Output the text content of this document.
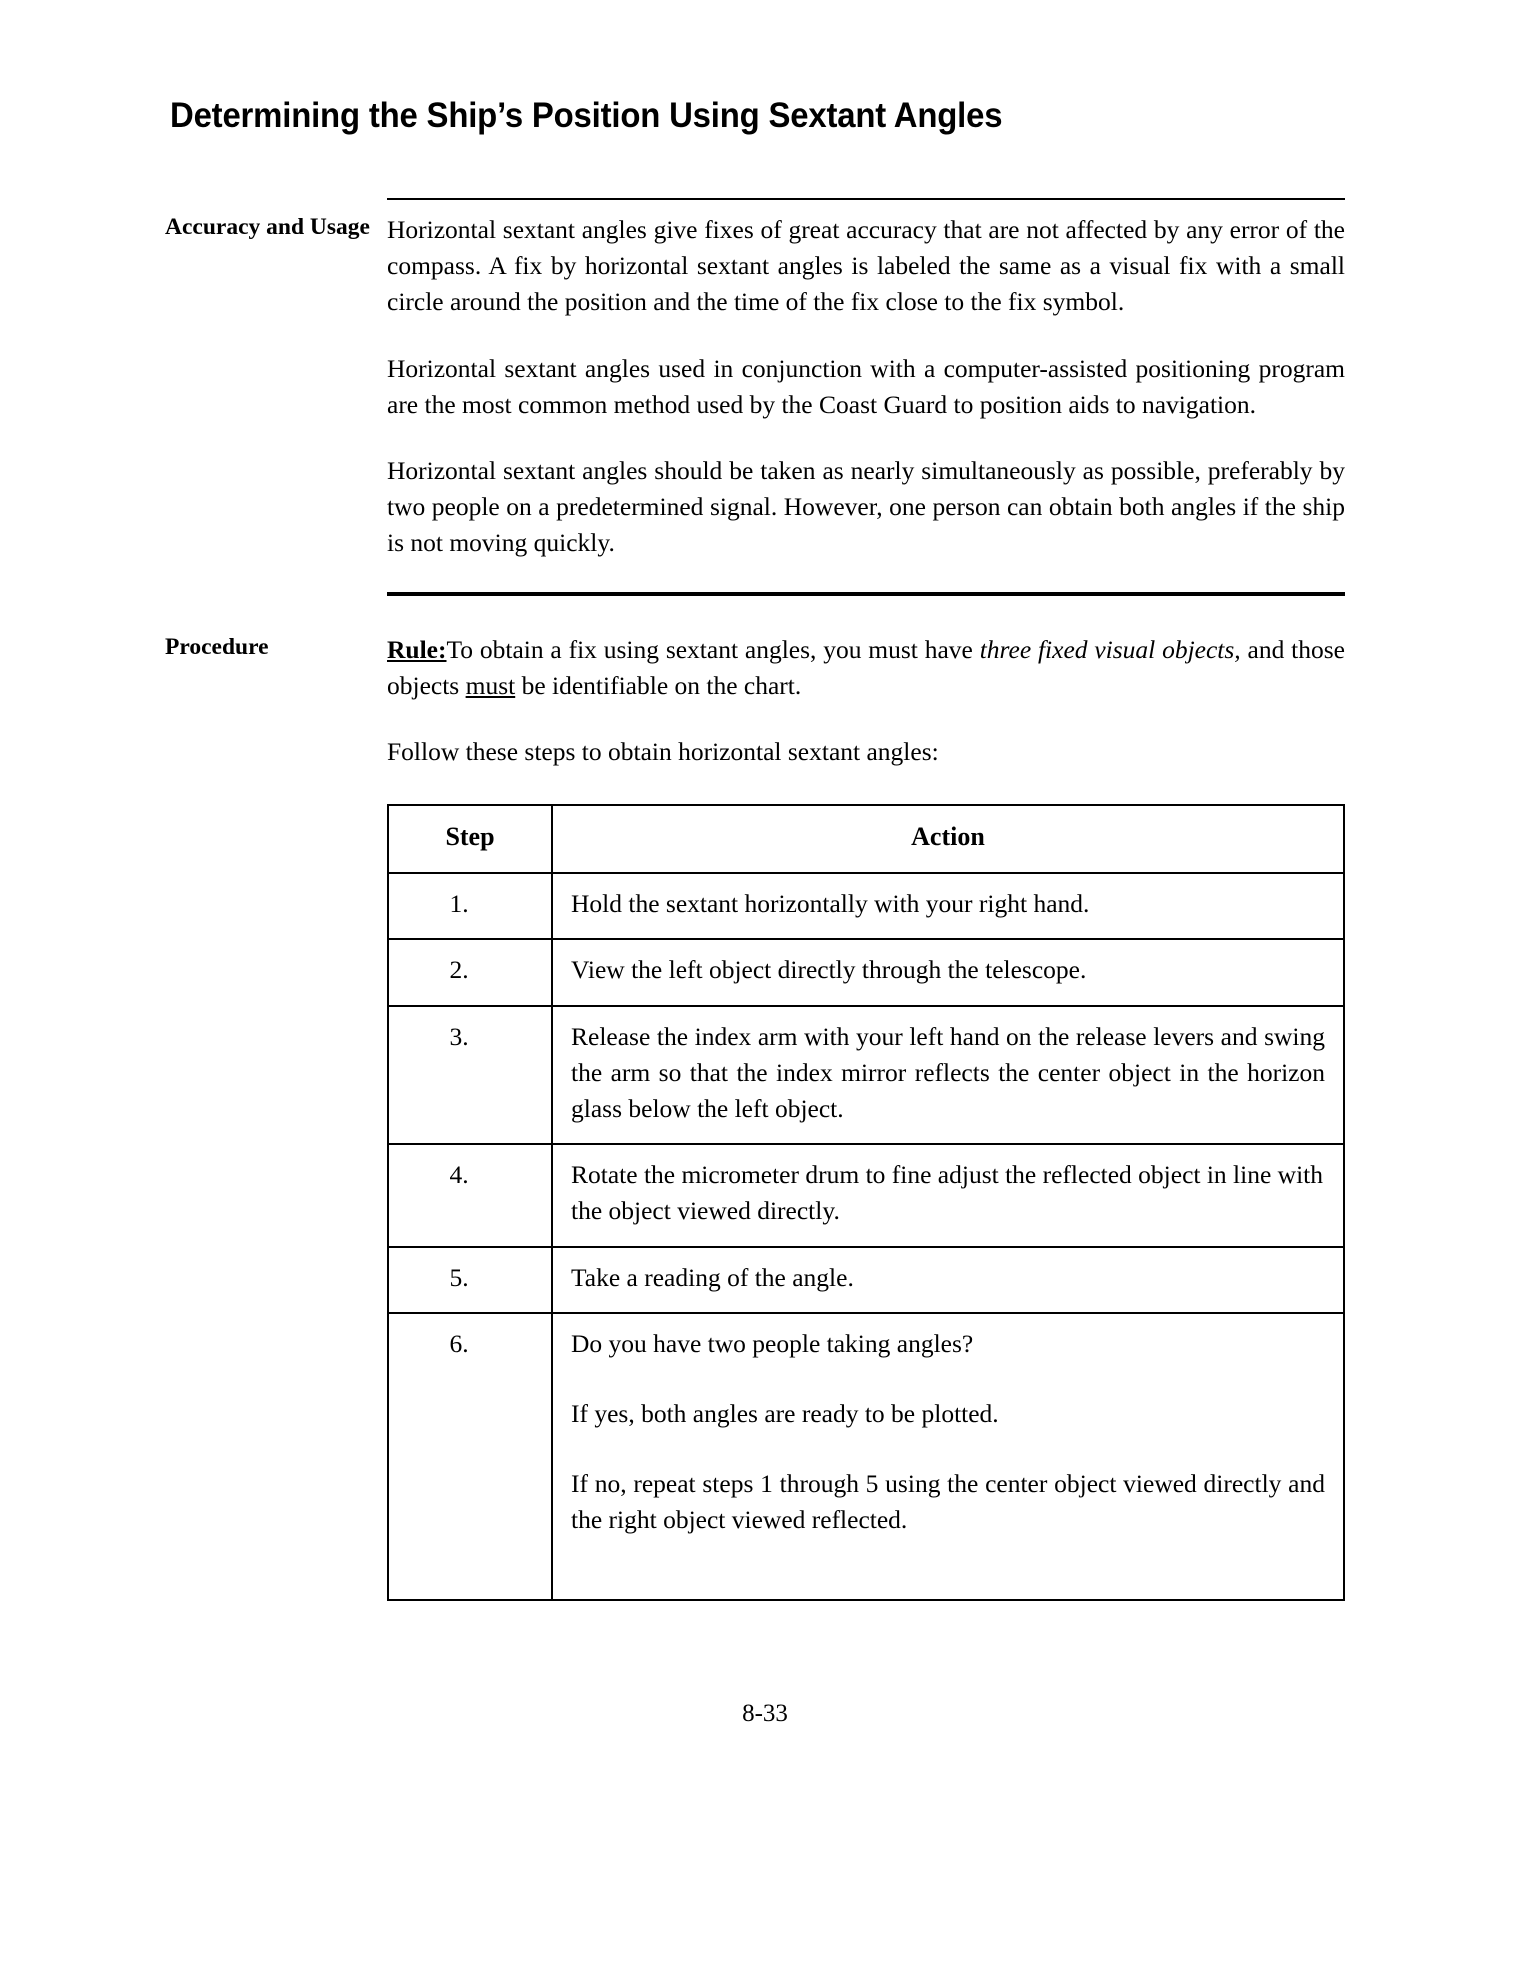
Determining the Ship’s Position Using Sextant Angles
Accuracy and Usage Horizontal sextant angles give fixes of great accuracy that are not affected by any error of the compass. A fix by horizontal sextant angles is labeled the same as a visual fix with a small circle around the position and the time of the fix close to the fix symbol.

Horizontal sextant angles used in conjunction with a computer-assisted positioning program are the most common method used by the Coast Guard to position aids to navigation.

Horizontal sextant angles should be taken as nearly simultaneously as possible, preferably by two people on a predetermined signal. However, one person can obtain both angles if the ship is not moving quickly.

Procedure	Rule:To obtain a fix using sextant angles, you must have three fixed visual objects, and those objects must be identifiable on the chart.

Follow these steps to obtain horizontal sextant angles:

Step	Action
1.	Hold the sextant horizontally with your right hand.

2.	View the left object directly through the telescope.

3.	Release the index arm with your left hand on the release levers and swing the arm so that the index mirror reflects the center object in the horizon glass below the left object.

4.	Rotate the micrometer drum to fine adjust the reflected object in line with the object viewed directly.

5.	Take a reading of the angle.

6.	Do you have two people taking angles?

If yes, both angles are ready to be plotted.

If no, repeat steps 1 through 5 using the center object viewed directly and the right object viewed reflected.

8-33
